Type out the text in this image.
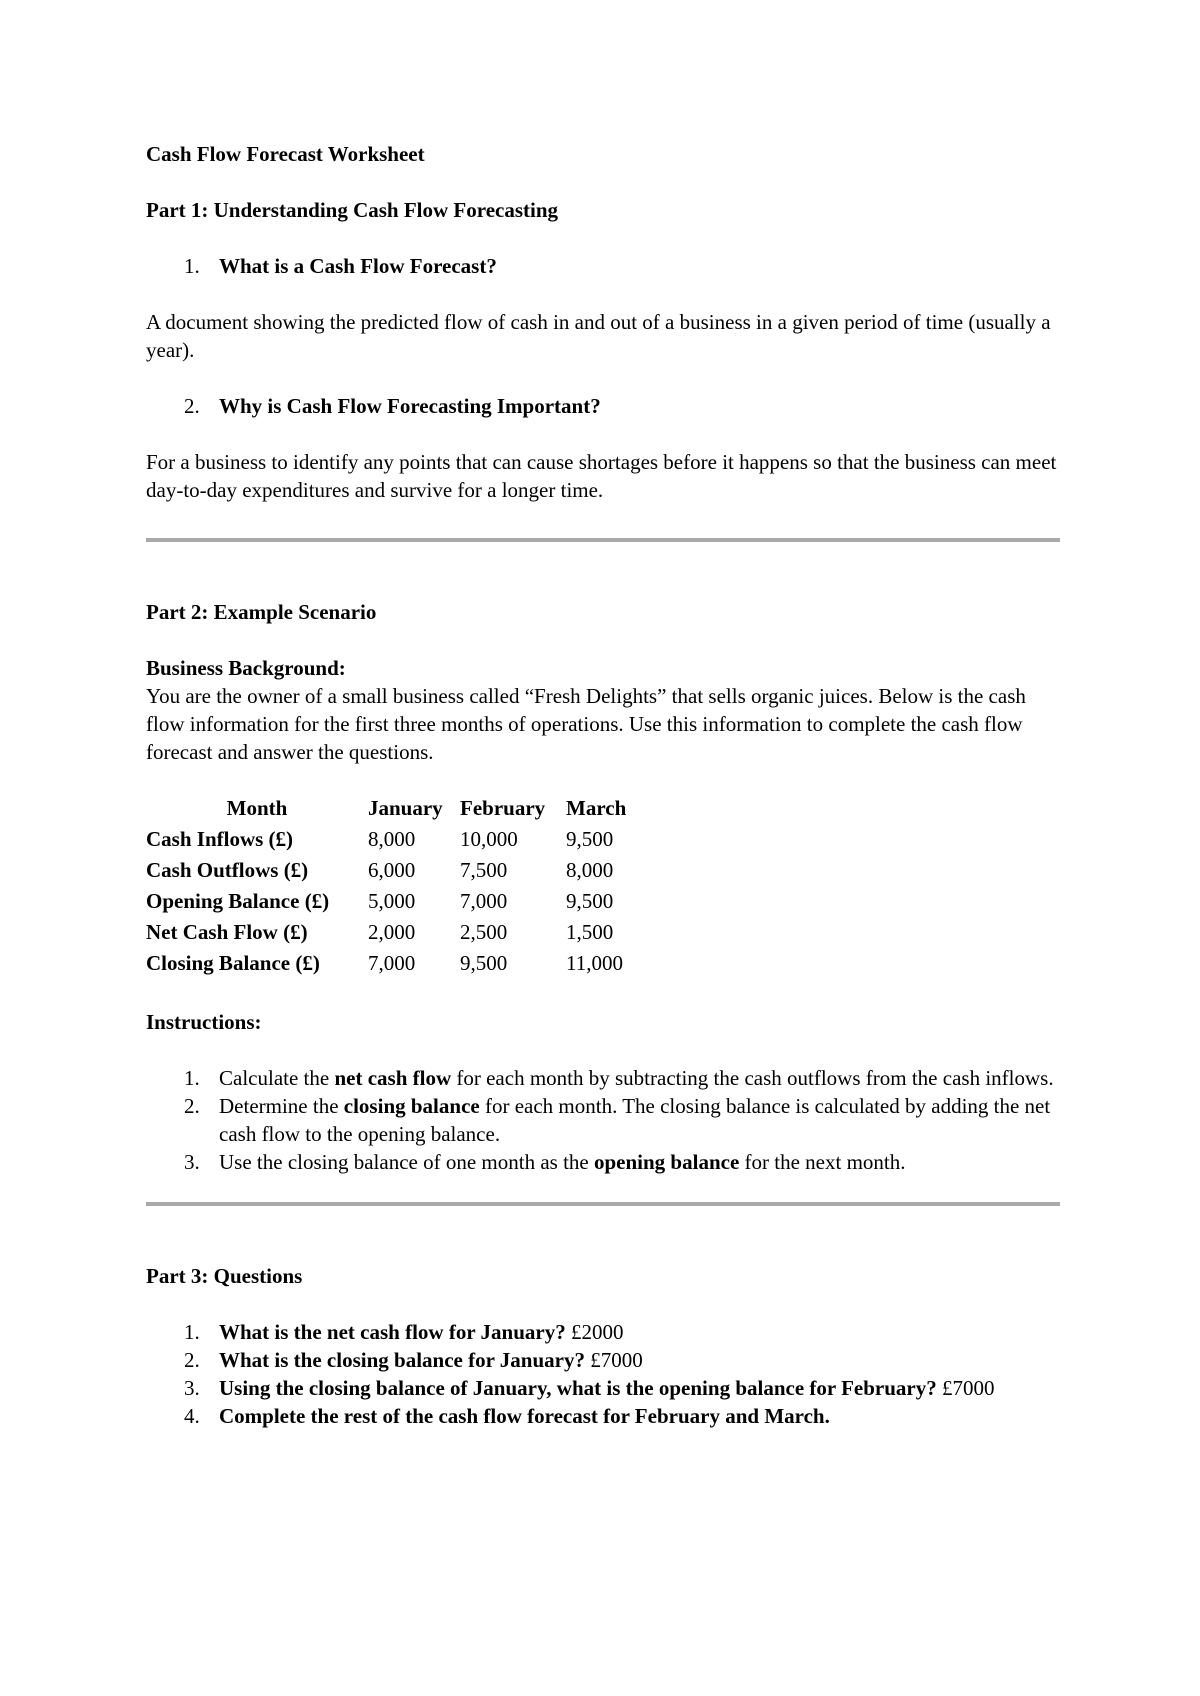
Cash Flow Forecast Worksheet

Part 1: Understanding Cash Flow Forecasting

1. What is a Cash Flow Forecast?

A document showing the predicted flow of cash in and out of a business in a given period of time (usually a year).

2. Why is Cash Flow Forecasting Important?

For a business to identify any points that can cause shortages before it happens so that the business can meet day-to-day expenditures and survive for a longer time.

Part 2: Example Scenario

Business Background:

You are the owner of a small business called “Fresh Delights” that sells organic juices. Below is the cash flow information for the first three months of operations. Use this information to complete the cash flow forecast and answer the questions.

Month	January	February	March
Cash Inflows (£)	8,000	10,000	9,500
Cash Outflows (£)	6,000	7,500	8,000
Opening Balance (£)	5,000	7,000	9,500
Net Cash Flow (£)	2,000	2,500	1,500
Closing Balance (£)	7,000	9,500	11,000

Instructions:

1. Calculate the net cash flow for each month by subtracting the cash outflows from the cash inflows.
2. Determine the closing balance for each month. The closing balance is calculated by adding the net cash flow to the opening balance.
3. Use the closing balance of one month as the opening balance for the next month.

Part 3: Questions

1. What is the net cash flow for January? £2000
2. What is the closing balance for January? £7000
3. Using the closing balance of January, what is the opening balance for February? £7000
4. Complete the rest of the cash flow forecast for February and March.
